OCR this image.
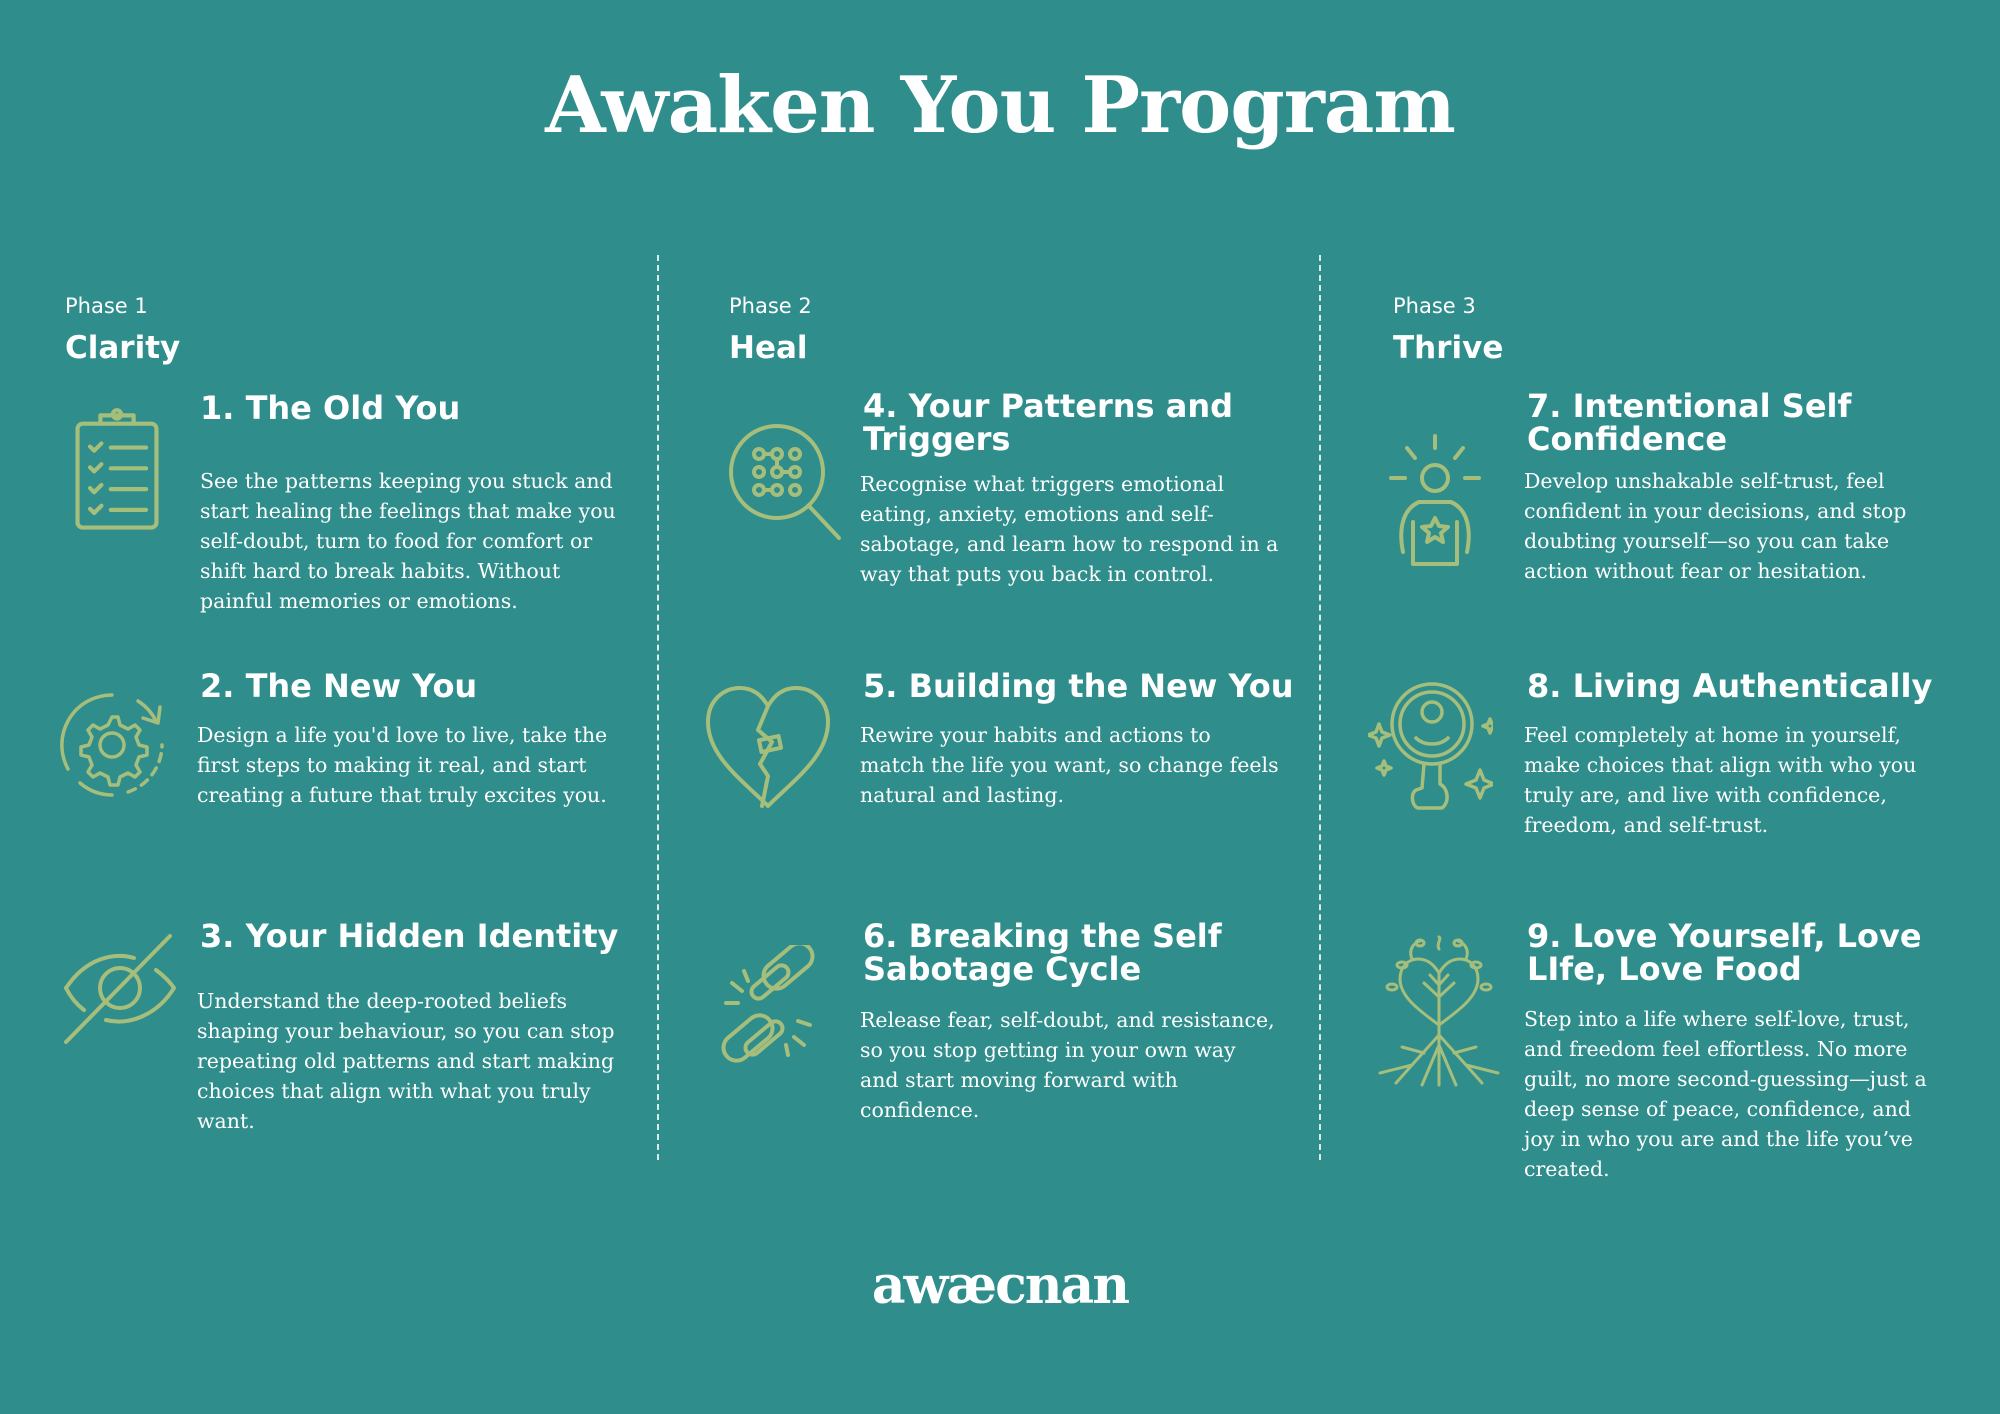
Awaken You Program
Phase 1
Clarity
1. The Old You

See the patterns keeping you stuck and start healing the feelings that make you self-doubt, turn to food for comfort or shift hard to break habits. Without painful memories or emotions.

2. The New You

Design a life you'd love to live, take the first steps to making it real, and start creating a future that truly excites you.

3. Your Hidden Identity

Understand the deep-rooted beliefs shaping your behaviour, so you can stop repeating old patterns and start making choices that align with what you truly want.

Phase 2
Heal
4. Your Patterns and Triggers

Recognise what triggers emotional eating, anxiety, emotions and self-sabotage, and learn how to respond in a way that puts you back in control.

5. Building the New You

Rewire your habits and actions to match the life you want, so change feels natural and lasting.

6. Breaking the Self Sabotage Cycle

Release fear, self-doubt, and resistance, so you stop getting in your own way and start moving forward with confidence.

Phase 3
Thrive
7. Intentional Self Confidence

Develop unshakable self-trust, feel confident in your decisions, and stop doubting yourself—so you can take action without fear or hesitation.

8. Living Authentically

Feel completely at home in yourself, make choices that align with who you truly are, and live with confidence, freedom, and self-trust.

9. Love Yourself, Love LIfe, Love Food

Step into a life where self-love, trust, and freedom feel effortless. No more guilt, no more second-guessing—just a deep sense of peace, confidence, and joy in who you are and the life you’ve created.

awæcnan
